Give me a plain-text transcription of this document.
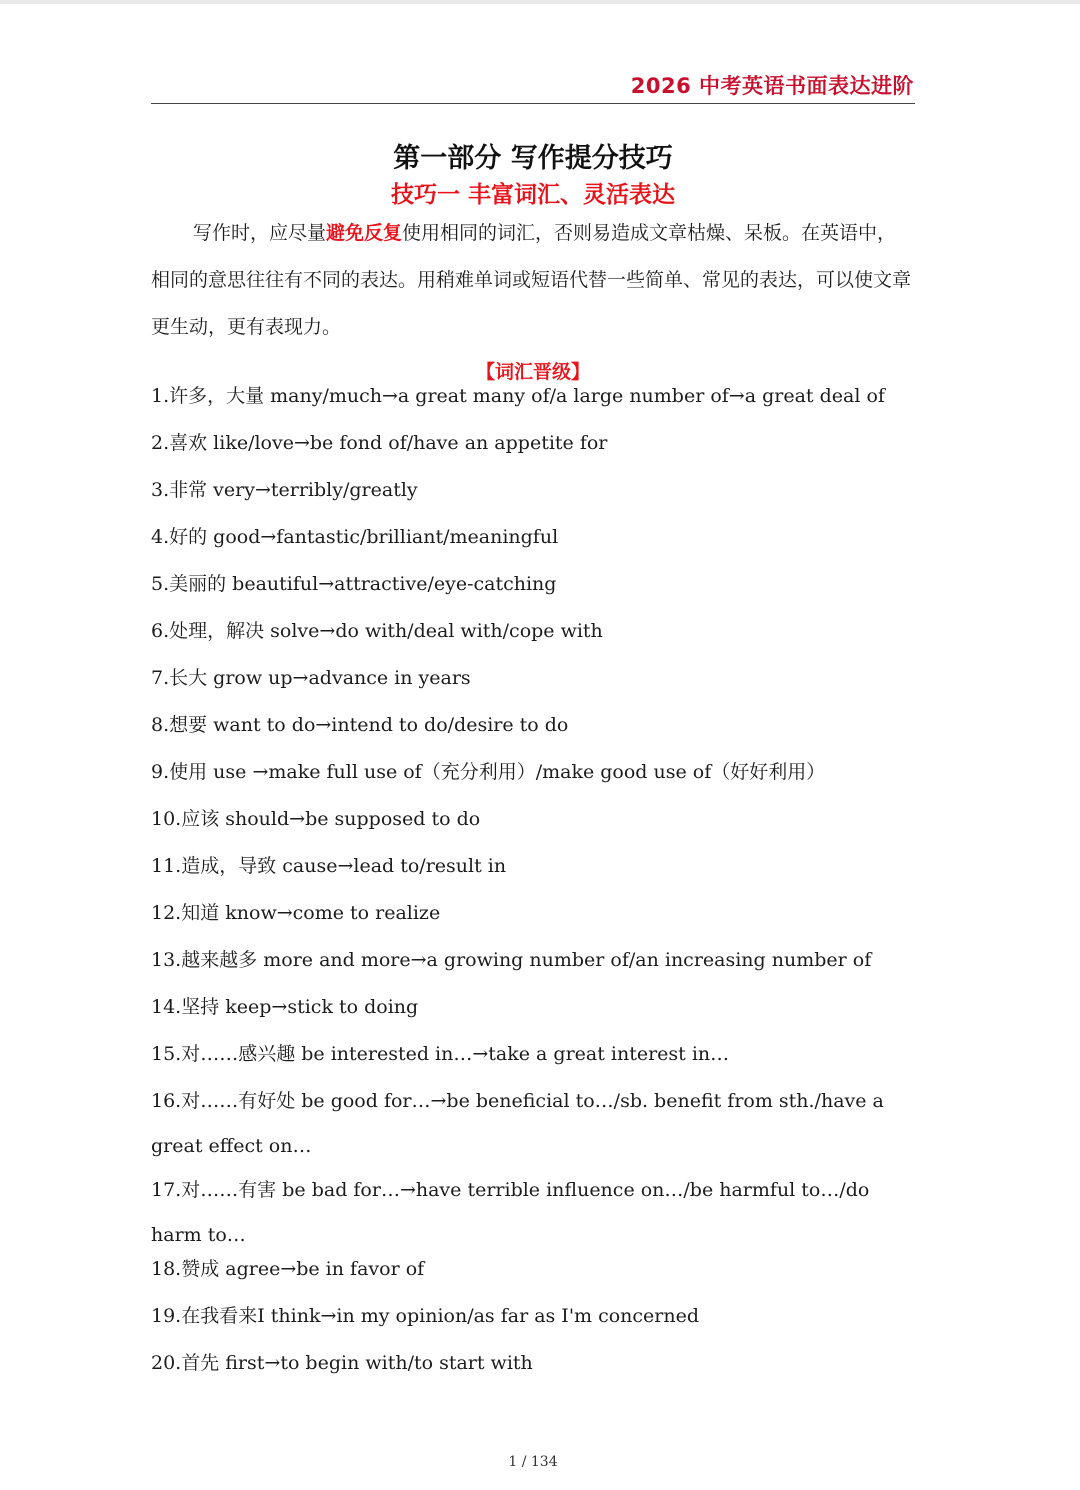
2026 中考英语书面表达进阶
第一部分 写作提分技巧
技巧一 丰富词汇、灵活表达

写作时，应尽量避免反复使用相同的词汇，否则易造成文章枯燥、呆板。在英语中，相同的意思往往有不同的表达。用稍难单词或短语代替一些简单、常见的表达，可以使文章更生动，更有表现力。

【词汇晋级】
1.许多，大量 many/much→a great many of/a large number of→a great deal of
2.喜欢 like/love→be fond of/have an appetite for
3.非常 very→terribly/greatly
4.好的 good→fantastic/brilliant/meaningful
5.美丽的 beautiful→attractive/eye-catching
6.处理，解决 solve→do with/deal with/cope with
7.长大 grow up→advance in years
8.想要 want to do→intend to do/desire to do
9.使用 use →make full use of（充分利用）/make good use of（好好利用）
10.应该 should→be supposed to do
11.造成，导致 cause→lead to/result in
12.知道 know→come to realize
13.越来越多 more and more→a growing number of/an increasing number of
14.坚持 keep→stick to doing
15.对……感兴趣 be interested in…→take a great interest in…
16.对……有好处 be good for…→be beneficial to…/sb. benefit from sth./have a great effect on…
17.对……有害 be bad for…→have terrible influence on…/be harmful to…/do harm to…
18.赞成 agree→be in favor of
19.在我看来I think→in my opinion/as far as I'm concerned
20.首先 first→to begin with/to start with
1 / 134
